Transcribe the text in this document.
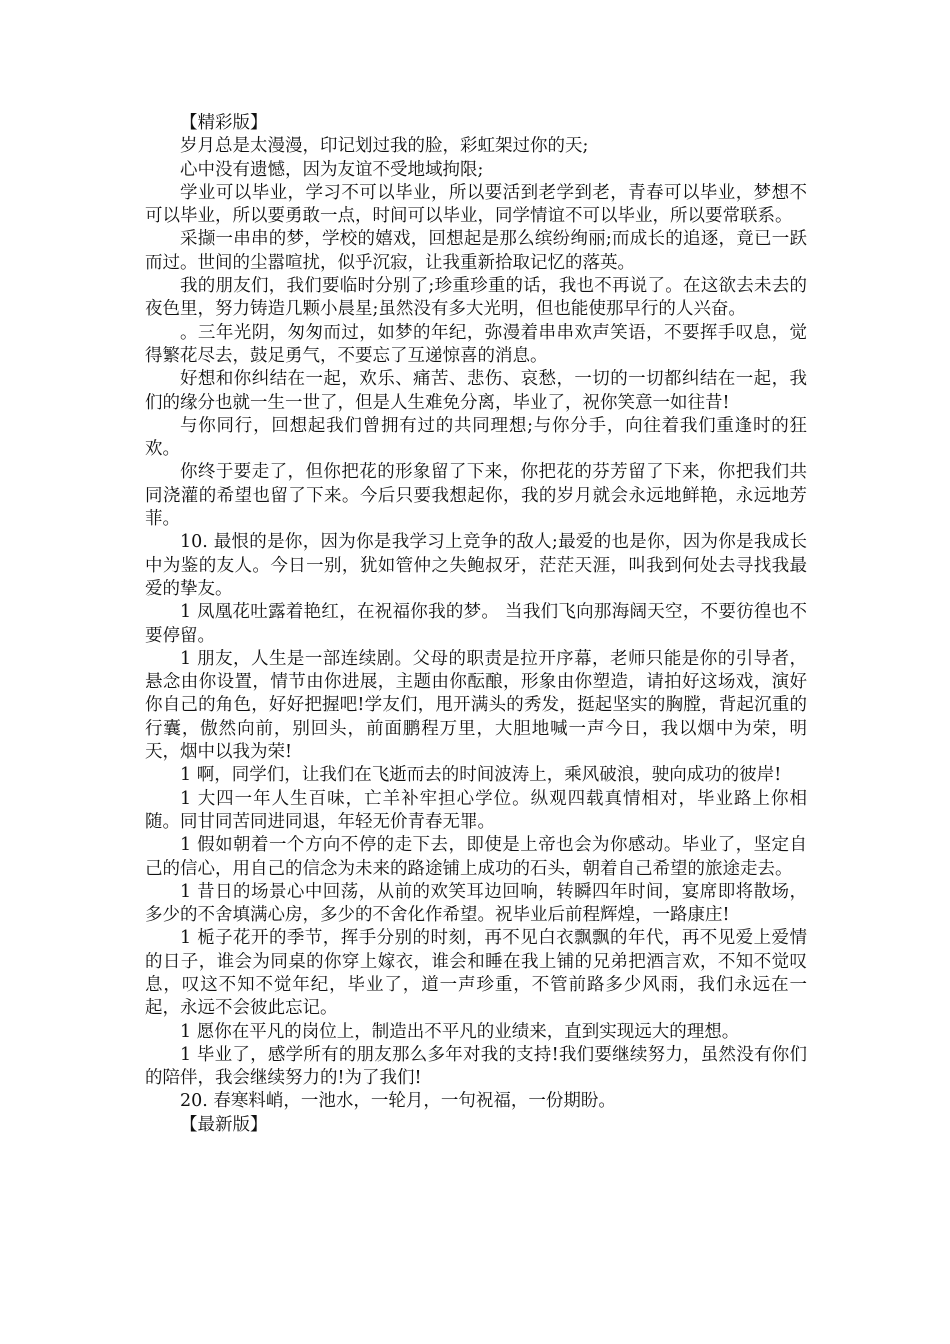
【精彩版】

岁月总是太漫漫，印记划过我的脸，彩虹架过你的天;

心中没有遗憾，因为友谊不受地域拘限;

学业可以毕业，学习不可以毕业，所以要活到老学到老，青春可以毕业，梦想不可以毕业，所以要勇敢一点，时间可以毕业，同学情谊不可以毕业，所以要常联系。

采撷一串串的梦，学校的嬉戏，回想起是那么缤纷绚丽;而成长的追逐，竟已一跃而过。世间的尘嚣喧扰，似乎沉寂，让我重新拾取记忆的落英。

我的朋友们，我们要临时分别了;珍重珍重的话，我也不再说了。在这欲去未去的夜色里，努力铸造几颗小晨星;虽然没有多大光明，但也能使那早行的人兴奋。

。三年光阴，匆匆而过，如梦的年纪，弥漫着串串欢声笑语，不要挥手叹息，觉得繁花尽去，鼓足勇气，不要忘了互递惊喜的消息。

好想和你纠结在一起，欢乐、痛苦、悲伤、哀愁，一切的一切都纠结在一起，我们的缘分也就一生一世了，但是人生难免分离，毕业了，祝你笑意一如往昔!

与你同行，回想起我们曾拥有过的共同理想;与你分手，向往着我们重逢时的狂欢。

你终于要走了，但你把花的形象留了下来，你把花的芬芳留了下来，你把我们共同浇灌的希望也留了下来。今后只要我想起你，我的岁月就会永远地鲜艳，永远地芳菲。

10. 最恨的是你，因为你是我学习上竞争的敌人;最爱的也是你，因为你是我成长中为鉴的友人。今日一别，犹如管仲之失鲍叔牙，茫茫天涯，叫我到何处去寻找我最爱的挚友。

1 凤凰花吐露着艳红，在祝福你我的梦。 当我们飞向那海阔天空，不要彷徨也不要停留。

1 朋友，人生是一部连续剧。父母的职责是拉开序幕，老师只能是你的引导者，悬念由你设置，情节由你进展，主题由你酝酿，形象由你塑造，请拍好这场戏，演好你自己的角色，好好把握吧!学友们，甩开满头的秀发，挺起坚实的胸膛，背起沉重的行囊，傲然向前，别回头，前面鹏程万里，大胆地喊一声今日，我以烟中为荣，明天，烟中以我为荣!

1 啊，同学们，让我们在飞逝而去的时间波涛上，乘风破浪，驶向成功的彼岸!

1 大四一年人生百味，亡羊补牢担心学位。纵观四载真情相对，毕业路上你相随。同甘同苦同进同退，年轻无价青春无罪。

1 假如朝着一个方向不停的走下去，即使是上帝也会为你感动。毕业了，坚定自己的信心，用自己的信念为未来的路途铺上成功的石头，朝着自己希望的旅途走去。

1 昔日的场景心中回荡，从前的欢笑耳边回响，转瞬四年时间，宴席即将散场，多少的不舍填满心房，多少的不舍化作希望。祝毕业后前程辉煌，一路康庄!

1 栀子花开的季节，挥手分别的时刻，再不见白衣飘飘的年代，再不见爱上爱情的日子，谁会为同桌的你穿上嫁衣，谁会和睡在我上铺的兄弟把酒言欢，不知不觉叹息，叹这不知不觉年纪，毕业了，道一声珍重，不管前路多少风雨，我们永远在一起，永远不会彼此忘记。

1 愿你在平凡的岗位上，制造出不平凡的业绩来，直到实现远大的理想。

1 毕业了，感学所有的朋友那么多年对我的支持!我们要继续努力，虽然没有你们的陪伴，我会继续努力的!为了我们!

20. 春寒料峭，一池水，一轮月，一句祝福，一份期盼。

【最新版】
